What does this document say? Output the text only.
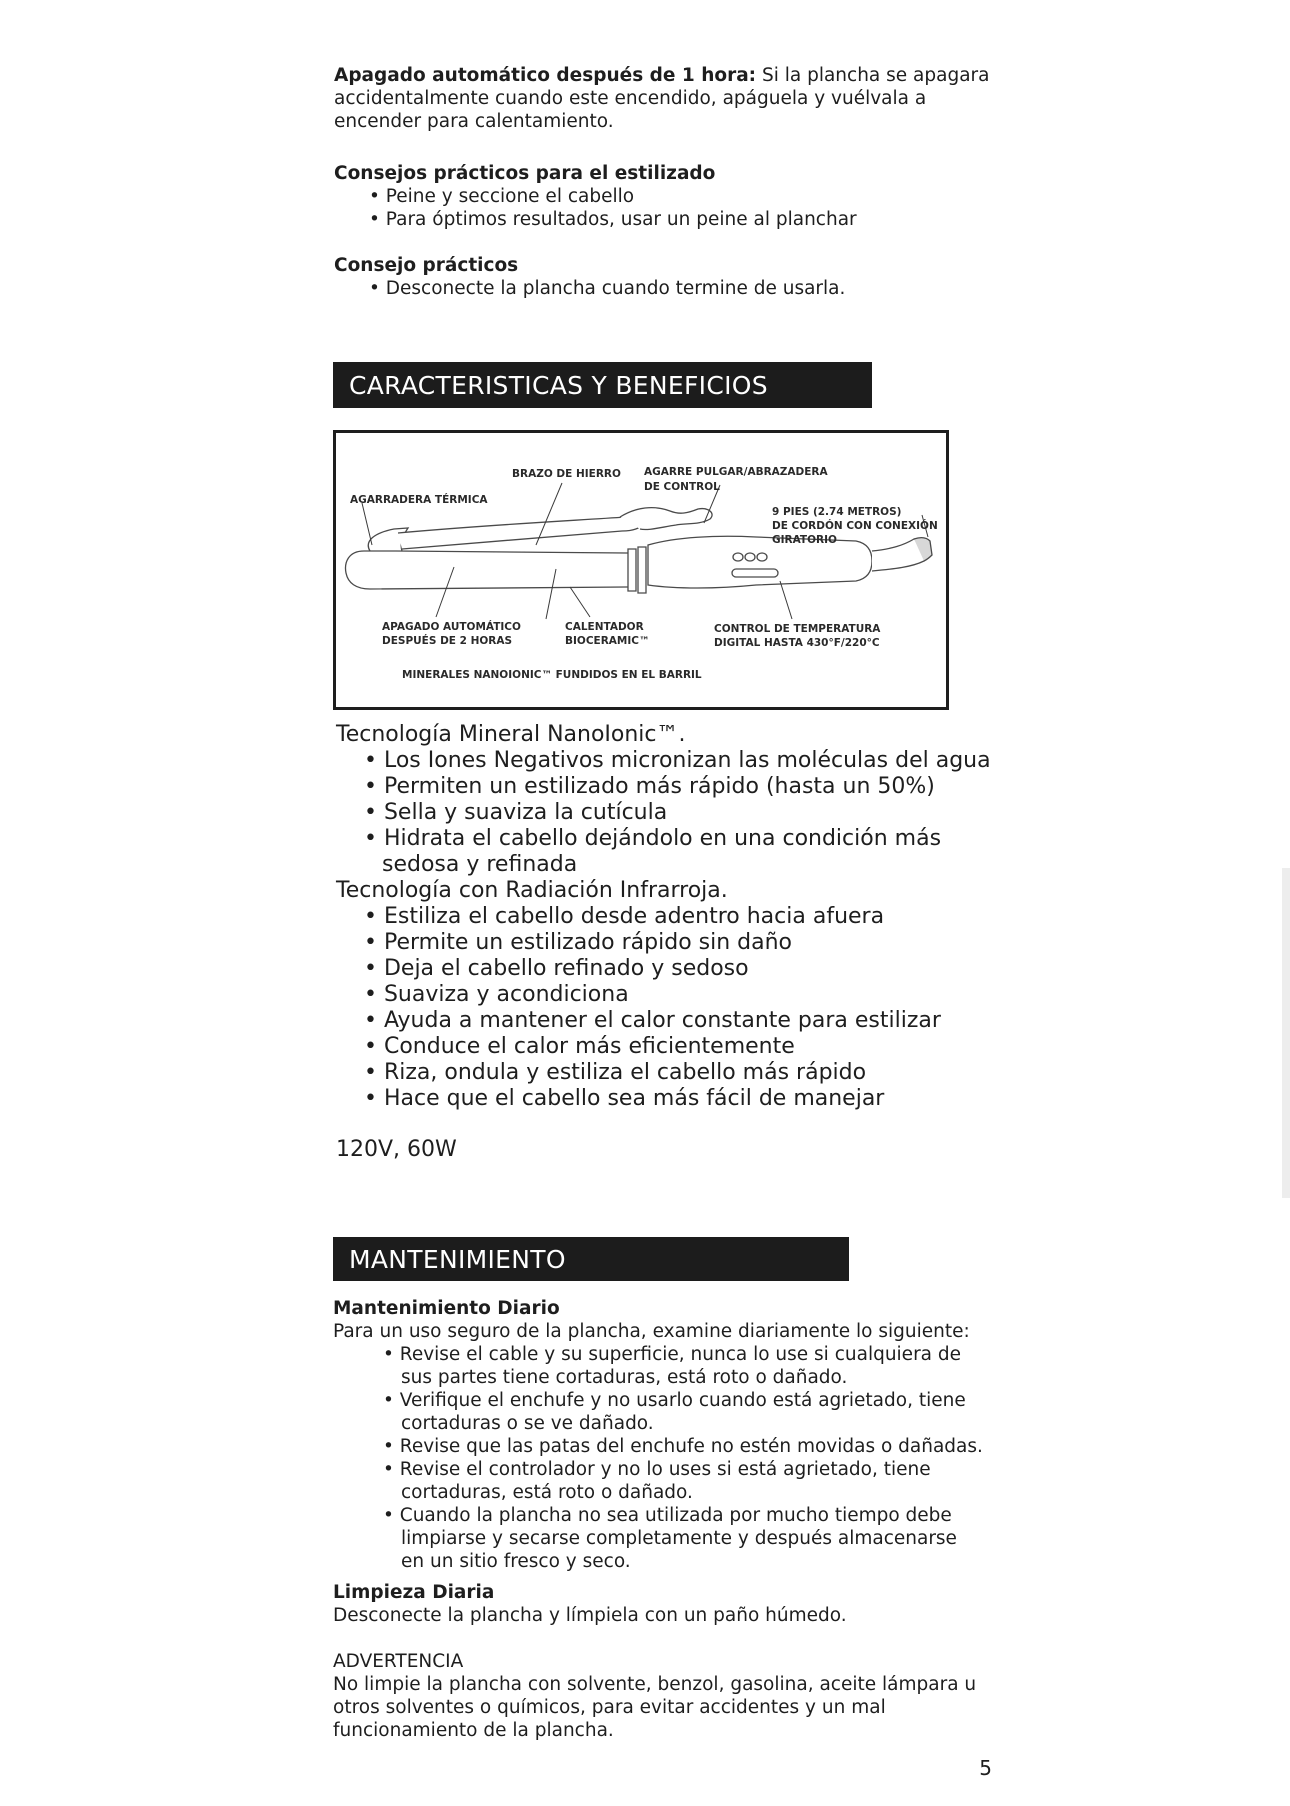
Apagado automático después de 1 hora: Si la plancha se apagara
accidentalmente cuando este encendido, apáguela y vuélvala a
encender para calentamiento.
Consejos prácticos para el estilizado
• Peine y seccione el cabello
• Para óptimos resultados, usar un peine al planchar
Consejo prácticos
• Desconecte la plancha cuando termine de usarla.
CARACTERISTICAS Y BENEFICIOS
BRAZO DE HIERRO AGARRE PULGAR/ABRAZADERA
DE CONTROL
AGARRADERA TÉRMICA
9 PIES (2.74 METROS)
DE CORDÓN CON CONEXIÓN
GIRATORIO
APAGADO AUTOMÁTICO
DESPUÉS DE 2 HORAS
CALENTADOR
BIOCERAMIC™
CONTROL DE TEMPERATURA
DIGITAL HASTA 430°F/220°C
MINERALES NANOIONIC™ FUNDIDOS EN EL BARRIL
Tecnología Mineral NanoIonic™.
• Los Iones Negativos micronizan las moléculas del agua
• Permiten un estilizado más rápido (hasta un 50%)
• Sella y suaviza la cutícula
• Hidrata el cabello dejándolo en una condición más sedosa y refinada
Tecnología con Radiación Infrarroja.
• Estiliza el cabello desde adentro hacia afuera
• Permite un estilizado rápido sin daño
• Deja el cabello refinado y sedoso
• Suaviza y acondiciona
• Ayuda a mantener el calor constante para estilizar
• Conduce el calor más eficientemente
• Riza, ondula y estiliza el cabello más rápido
• Hace que el cabello sea más fácil de manejar
120V, 60W
MANTENIMIENTO
Mantenimiento Diario
Para un uso seguro de la plancha, examine diariamente lo siguiente:
• Revise el cable y su superficie, nunca lo use si cualquiera de sus partes tiene cortaduras, está roto o dañado.
• Verifique el enchufe y no usarlo cuando está agrietado, tiene cortaduras o se ve dañado.
• Revise que las patas del enchufe no estén movidas o dañadas.
• Revise el controlador y no lo uses si está agrietado, tiene cortaduras, está roto o dañado.
• Cuando la plancha no sea utilizada por mucho tiempo debe limpiarse y secarse completamente y después almacenarse en un sitio fresco y seco.
Limpieza Diaria
Desconecte la plancha y límpiela con un paño húmedo.
ADVERTENCIA
No limpie la plancha con solvente, benzol, gasolina, aceite lámpara u otros solventes o químicos, para evitar accidentes y un mal funcionamiento de la plancha.
5
